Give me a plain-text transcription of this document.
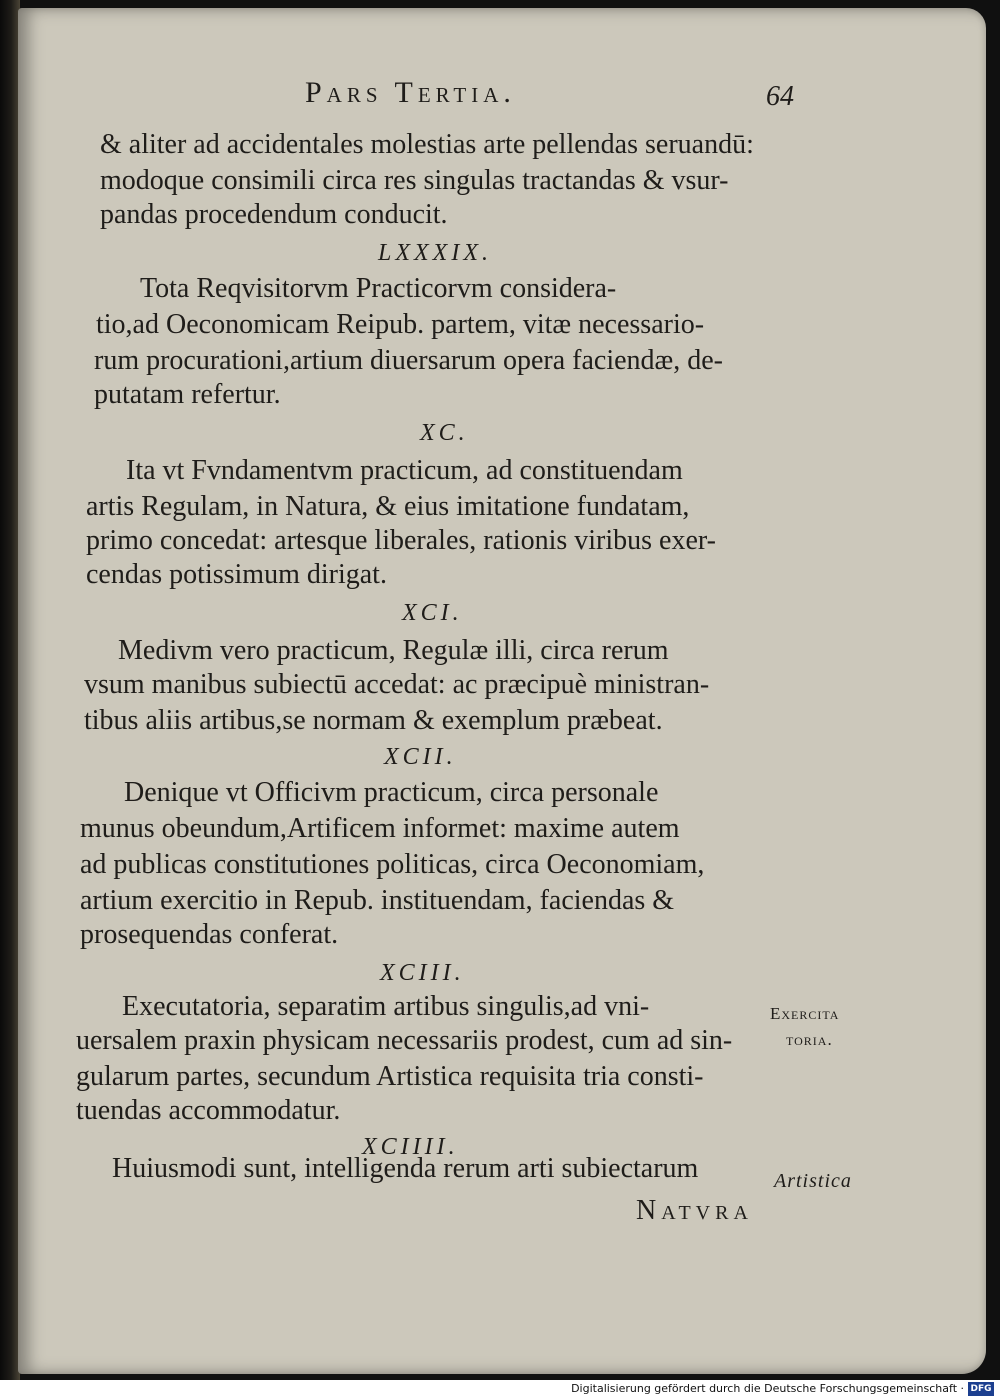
Pars Tertia.	64
& aliter ad accidentales molestias arte pellendas seruandū:
modoque consimili circa res singulas tractandas & vsur-
pandas procedendum conducit.
LXXXIX.
Tota Reqvisitorvm Practicorvm considera-
tio,ad Oeconomicam Reipub. partem, vitæ necessario-
rum procurationi,artium diuersarum opera faciendæ, de-
putatam refertur.
XC.
Ita vt Fvndamentvm practicum, ad constituendam
artis Regulam, in Natura, & eius imitatione fundatam,
primo concedat: artesque liberales, rationis viribus exer-
cendas potissimum dirigat.
XCI.
Medivm vero practicum, Regulæ illi, circa rerum
vsum manibus subiectū accedat: ac præcipuè ministran-
tibus aliis artibus,se normam & exemplum præbeat.
XCII.
Denique vt Officivm practicum, circa personale
munus obeundum,Artificem informet: maxime autem
ad publicas constitutiones politicas, circa Oeconomiam,
artium exercitio in Repub. instituendam, faciendas &
prosequendas conferat.
XCIII.
Executatoria, separatim artibus singulis,ad vni-
uersalem praxin physicam necessariis prodest, cum ad sin-
gularum partes, secundum Artistica requisita tria consti-
tuendas accommodatur.
XCIIII.
Huiusmodi sunt, intelligenda rerum arti subiectarum
Natvra
Exercita
toria.
Artistica
Digitalisierung gefördert durch die Deutsche Forschungsgemeinschaft · DFG
